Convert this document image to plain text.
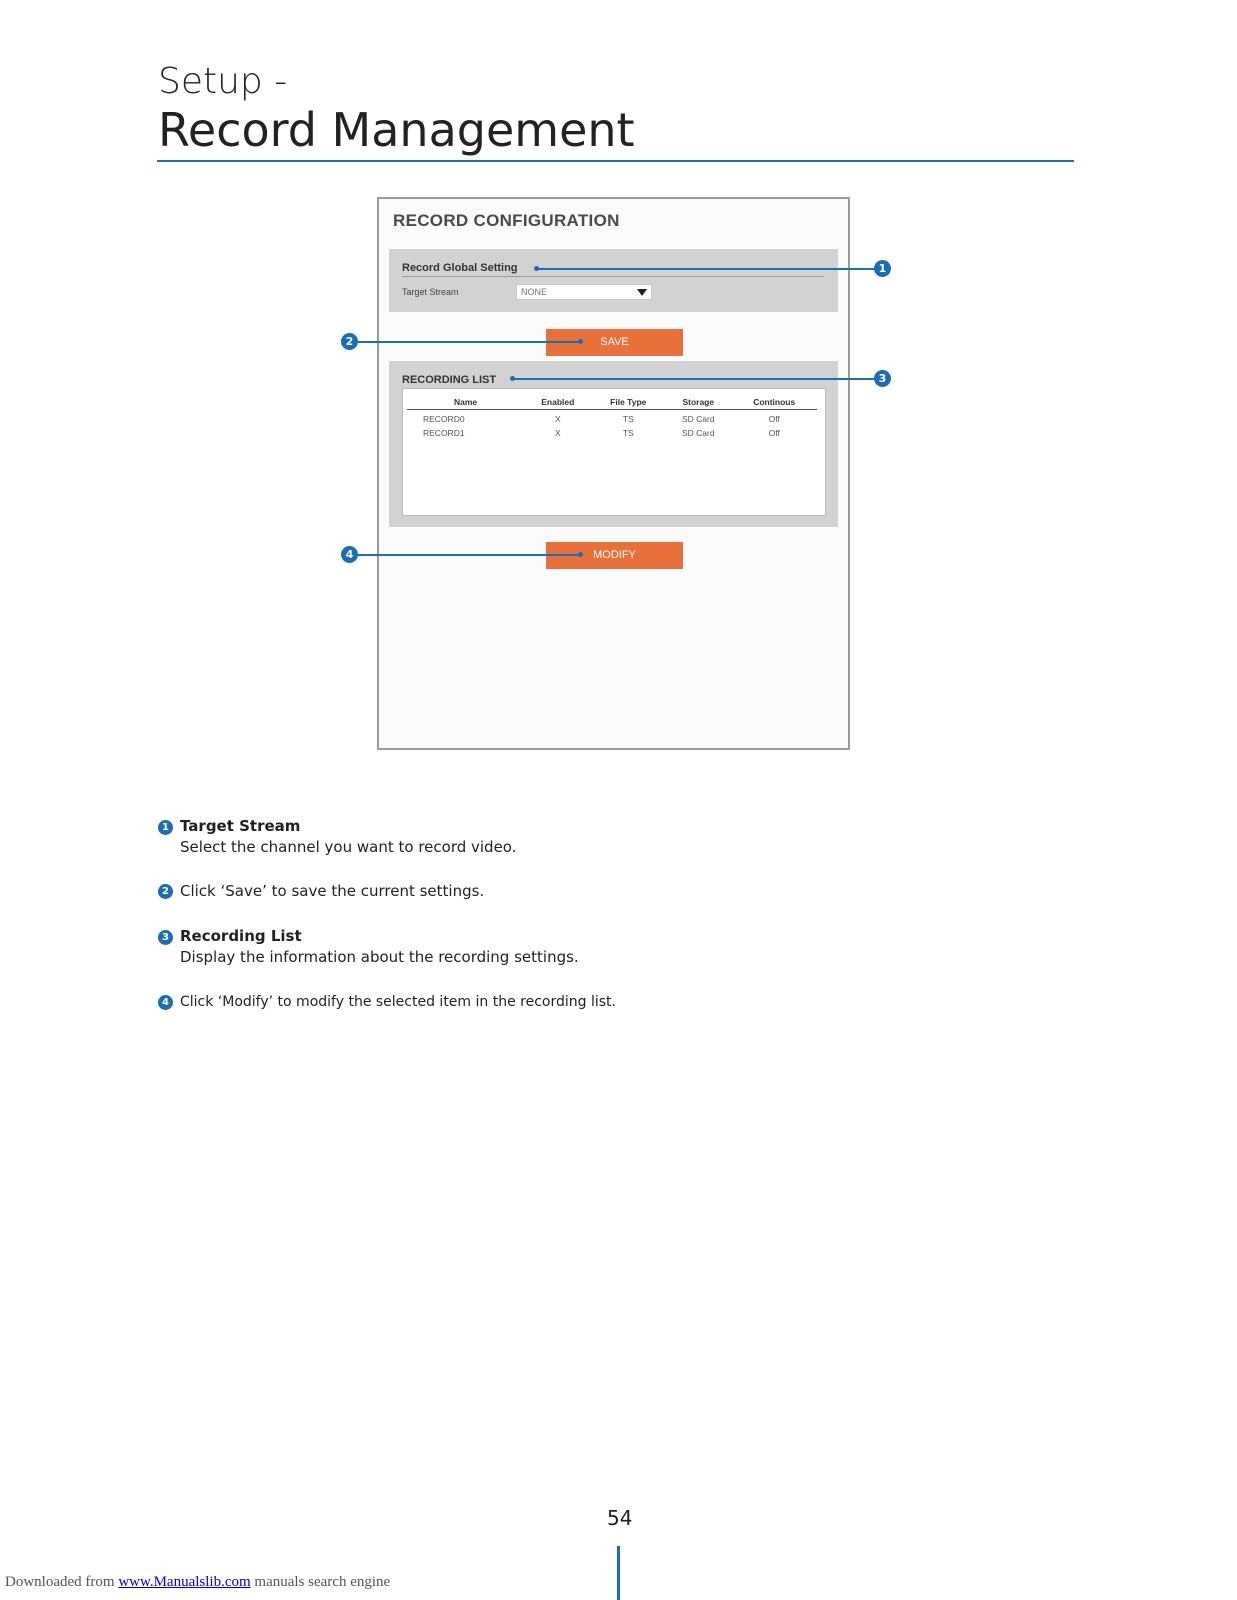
Setup -
Record Management
RECORD CONFIGURATION
Record Global Setting
Target Stream	NONE
SAVE
RECORDING LIST
Name	Enabled	File Type	Storage	Continous
RECORD0	X	TS	SD Card	Off
RECORD1	X	TS	SD Card	Off
MODIFY
1
2
3
4
1 Target Stream
Select the channel you want to record video.
2 Click ‘Save’ to save the current settings.
3 Recording List
Display the information about the recording settings.
4 Click ‘Modify’ to modify the selected item in the recording list.
54
Downloaded from www.Manualslib.com manuals search engine
